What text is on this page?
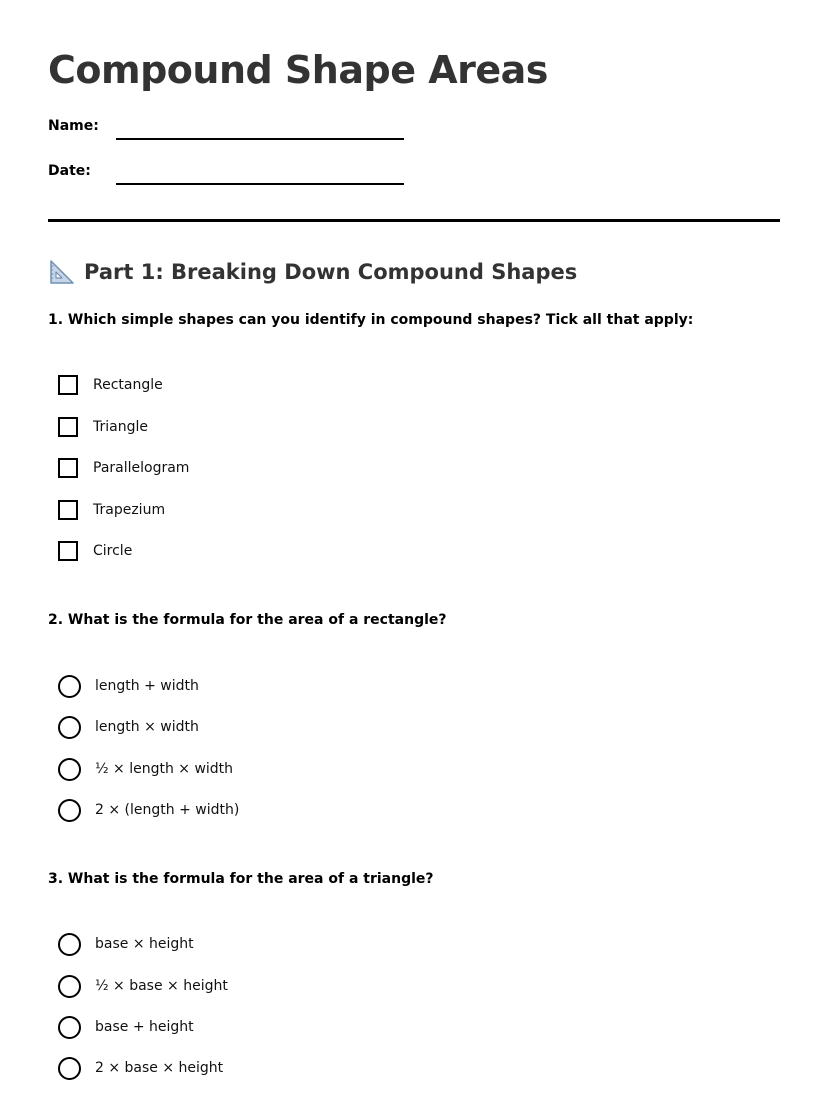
Compound Shape Areas
Name:
Date:
Part 1: Breaking Down Compound Shapes

1. Which simple shapes can you identify in compound shapes? Tick all that apply:

Rectangle
Triangle
Parallelogram
Trapezium
Circle

2. What is the formula for the area of a rectangle?

length + width
length × width
½ × length × width
2 × (length + width)

3. What is the formula for the area of a triangle?

base × height
½ × base × height
base + height
2 × base × height
